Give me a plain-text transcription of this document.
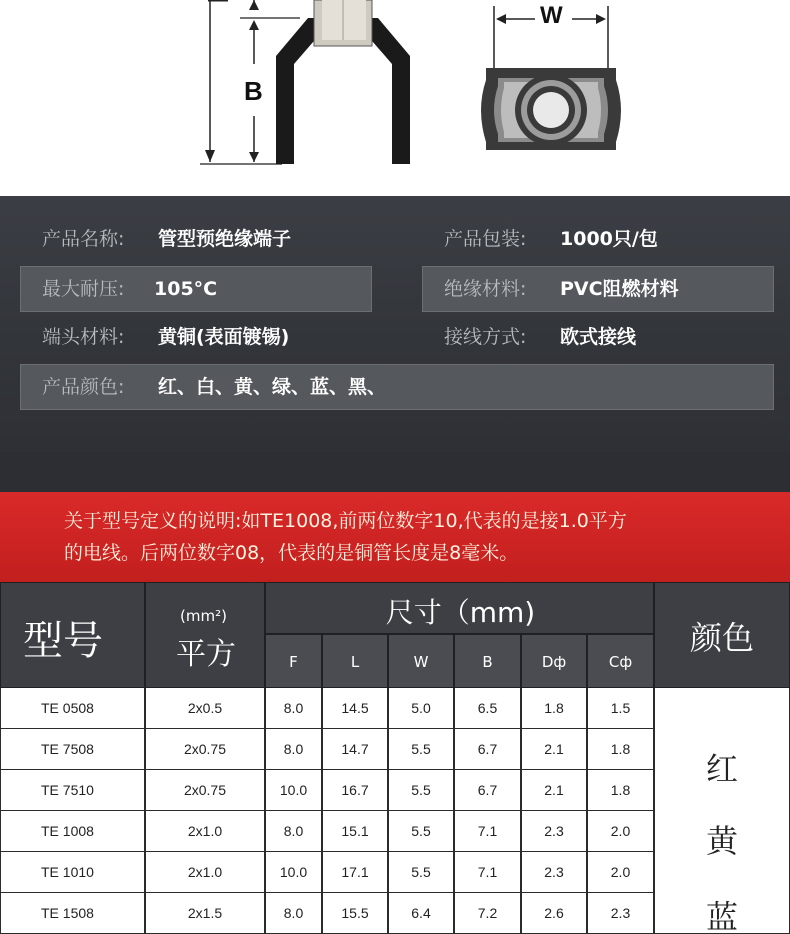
B
W
产品名称: 管型预绝缘端子	产品包装: 1000只/包
最大耐压: 105°C	绝缘材料: PVC阻燃材料
端头材料: 黄铜(表面镀锡)	接线方式: 欧式接线
产品颜色: 红、白、黄、绿、蓝、黑、
关于型号定义的说明:如TE1008,前两位数字10,代表的是接1.0平方
的电线。后两位数字08，代表的是铜管长度是8毫米。
型号
(mm²)
平方
尺寸（mm)
颜色
F	L	W	B	Dф	Cф
TE 0508	2x0.5	8.0	14.5	5.0	6.5	1.8	1.5
TE 7508	2x0.75	8.0	14.7	5.5	6.7	2.1	1.8
TE 7510	2x0.75	10.0	16.7	5.5	6.7	2.1	1.8
TE 1008	2x1.0	8.0	15.1	5.5	7.1	2.3	2.0
TE 1010	2x1.0	10.0	17.1	5.5	7.1	2.3	2.0
TE 1508	2x1.5	8.0	15.5	6.4	7.2	2.6	2.3
红
黄
蓝
